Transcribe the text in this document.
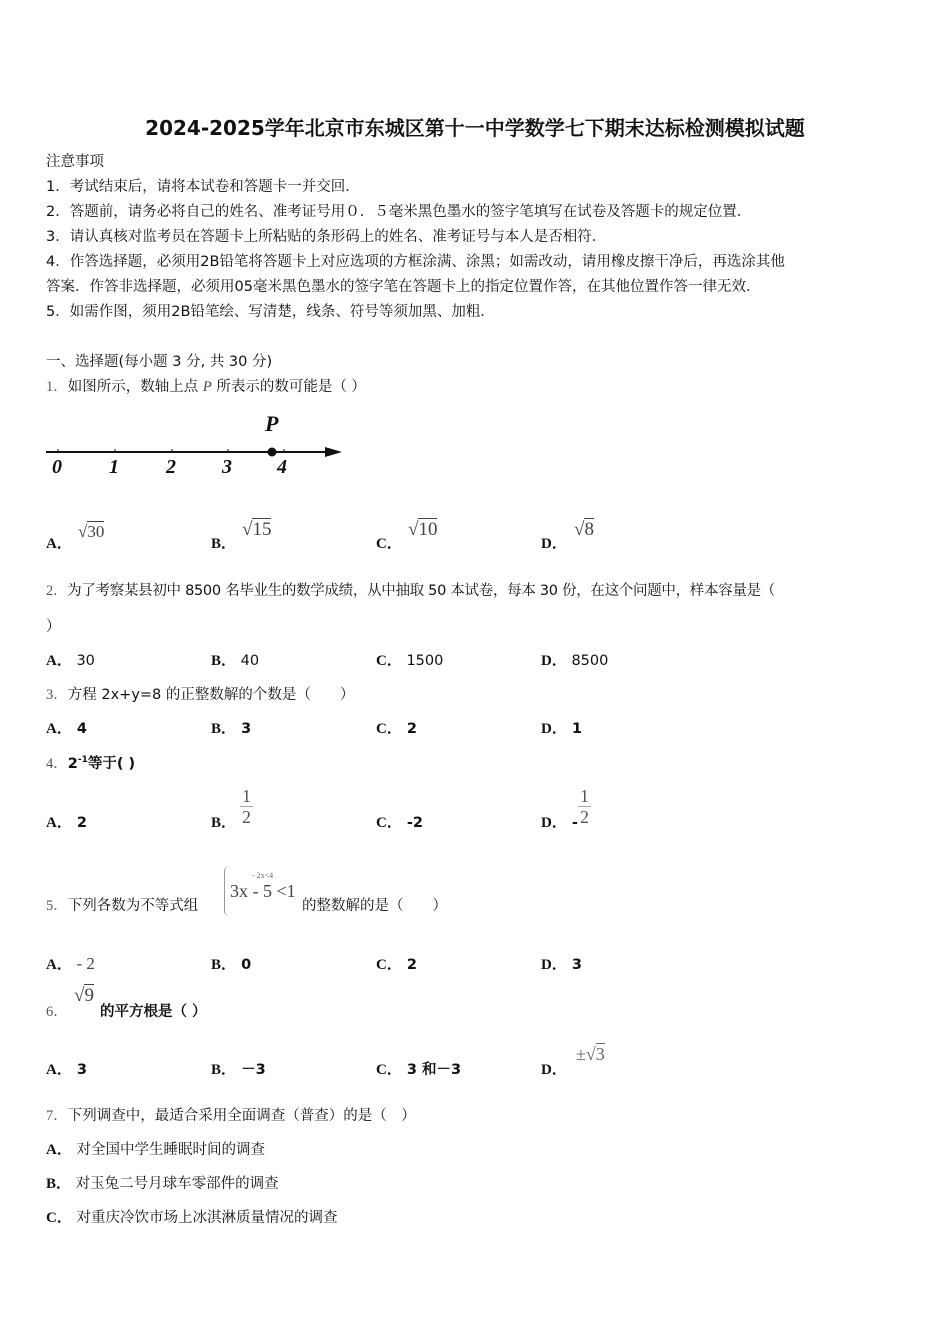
2024-2025学年北京市东城区第十一中学数学七下期末达标检测模拟试题
注意事项
1．考试结束后，请将本试卷和答题卡一并交回．
2．答题前，请务必将自己的姓名、准考证号用０．５毫米黑色墨水的签字笔填写在试卷及答题卡的规定位置．
3．请认真核对监考员在答题卡上所粘贴的条形码上的姓名、准考证号与本人是否相符．
4．作答选择题，必须用2B铅笔将答题卡上对应选项的方框涂满、涂黑；如需改动，请用橡皮擦干净后，再选涂其他
答案．作答非选择题，必须用05毫米黑色墨水的签字笔在答题卡上的指定位置作答，在其他位置作答一律无效．
5．如需作图，须用2B铅笔绘、写清楚，线条、符号等须加黑、加粗．
一、选择题(每小题 3 分, 共 30 分)
1．如图所示，数轴上点 P 所表示的数可能是（ ）
P
0 1 2 3 4
A．
√30
B．
√15
C．
√10
D．
√8
2．为了考察某县初中 8500 名毕业生的数学成绩，从中抽取 50 本试卷，每本 30 份，在这个问题中，样本容量是（
）
A． 30	B． 40	C． 1500	D． 8500
3．方程 2x+y=8 的正整数解的个数是（　　）
A． 4	B． 3	C． 2	D． 1
4．$2^{-1}$等于( )
A． 2	B． $\frac{1}{2}$	C． -2	D． - $\frac{1}{2}$
5．下列各数为不等式组
- 2x<4
3x - 5 <1
的整数解的是（　　）
A． - 2	B． 0	C． 2	D． 3
6．
√9
的平方根是（ ）
A． 3	B． －3	C． 3 和－3	D．
±√3
7．下列调查中，最适合采用全面调查（普查）的是（　）
A． 对全国中学生睡眠时间的调查
B． 对玉兔二号月球车零部件的调查
C． 对重庆冷饮市场上冰淇淋质量情况的调查
